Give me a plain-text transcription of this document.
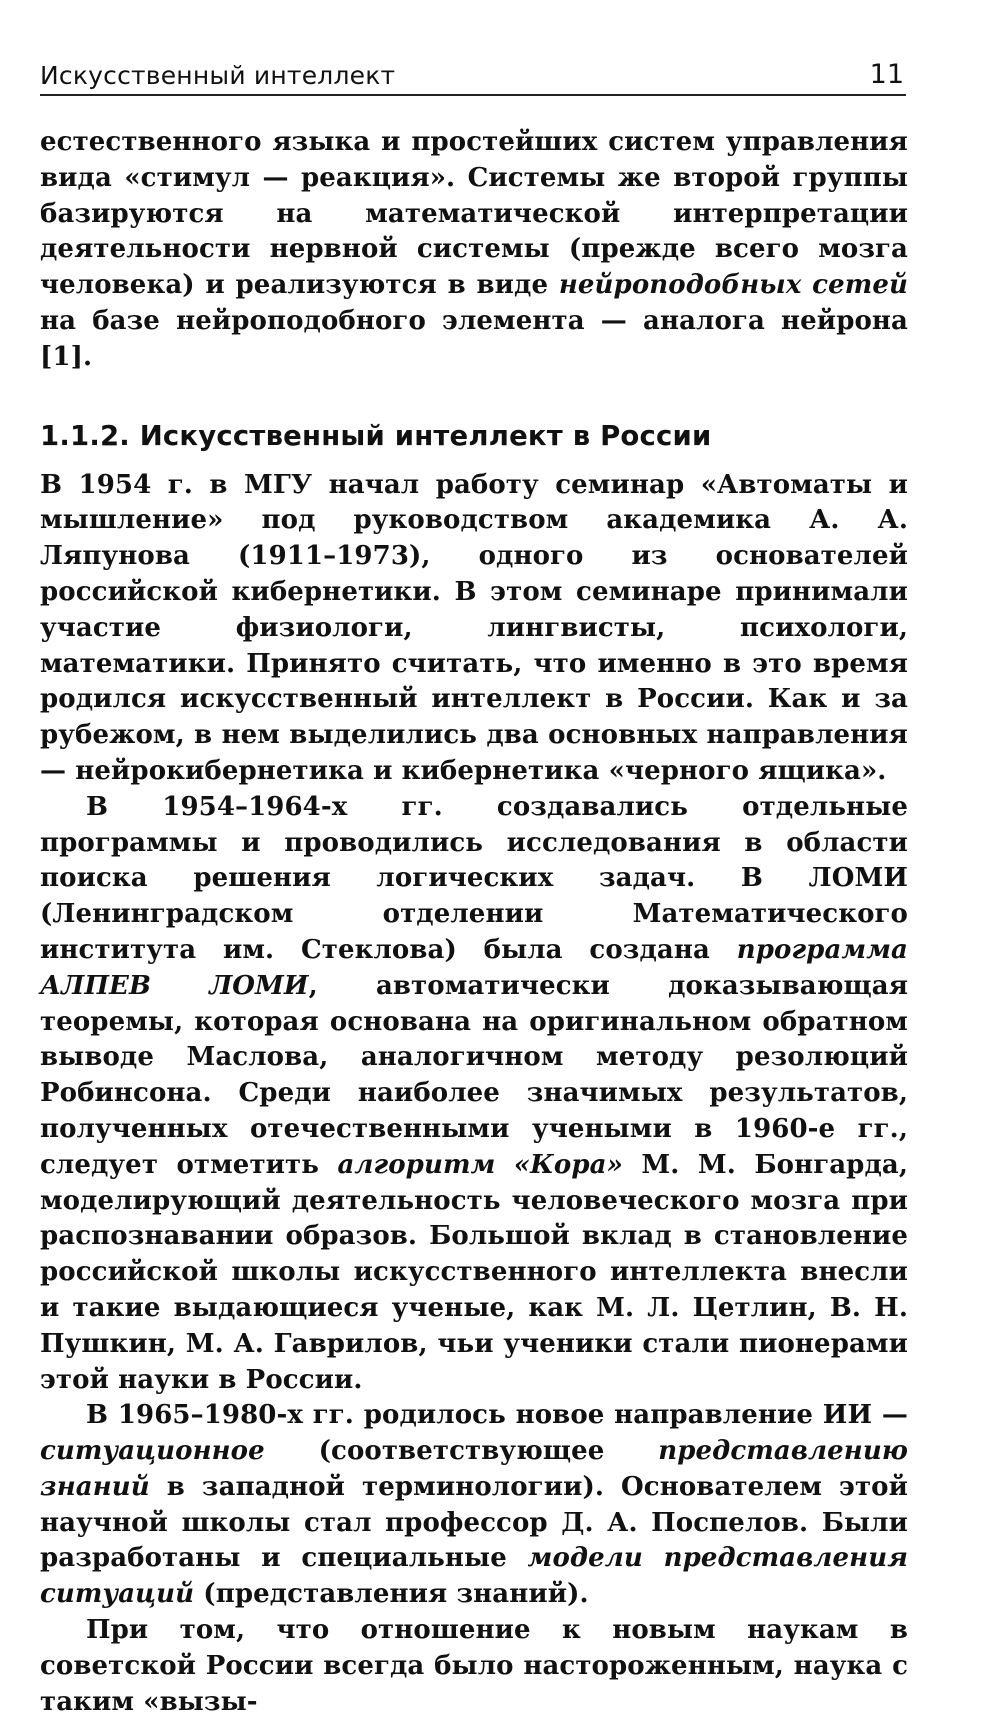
Искусственный интеллект	11

естественного языка и простейших систем управления вида «стимул — реакция». Системы же второй группы базируются на математической интерпретации деятельности нервной системы (прежде всего мозга человека) и реализуются в виде нейроподобных сетей на базе нейроподобного элемента — аналога нейрона [1].

1.1.2. Искусственный интеллект в России

В 1954 г. в МГУ начал работу семинар «Автоматы и мышление» под руководством академика А. А. Ляпунова (1911–1973), одного из основателей российской кибернетики. В этом семинаре принимали участие физиологи, лингвисты, психологи, математики. Принято считать, что именно в это время родился искусственный интеллект в России. Как и за рубежом, в нем выделились два основных направления — нейрокибернетика и кибернетика «черного ящика».

В 1954–1964-х гг. создавались отдельные программы и проводились исследования в области поиска решения логических задач. В ЛОМИ (Ленинградском отделении Математического института им. Стеклова) была создана программа АЛПЕВ ЛОМИ, автоматически доказывающая теоремы, которая основана на оригинальном обратном выводе Маслова, аналогичном методу резолюций Робинсона. Среди наиболее значимых результатов, полученных отечественными учеными в 1960-е гг., следует отметить алгоритм «Кора» М. М. Бонгарда, моделирующий деятельность человеческого мозга при распознавании образов. Большой вклад в становление российской школы искусственного интеллекта внесли и такие выдающиеся ученые, как М. Л. Цетлин, В. Н. Пушкин, М. А. Гаврилов, чьи ученики стали пионерами этой науки в России.

В 1965–1980-х гг. родилось новое направление ИИ — ситуационное (соответствующее представлению знаний в западной терминологии). Основателем этой научной школы стал профессор Д. А. Поспелов. Были разработаны и специальные модели представления ситуаций (представления знаний).

При том, что отношение к новым наукам в советской России всегда было настороженным, наука с таким «вызы-
